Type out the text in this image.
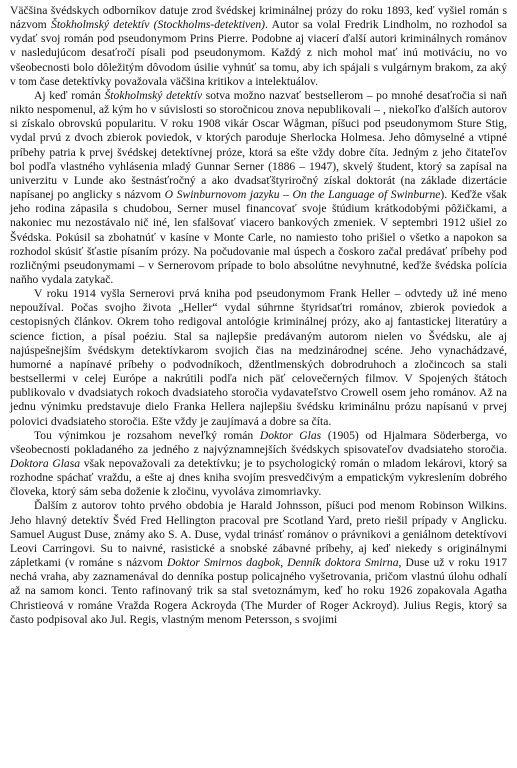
Väčšina švédskych odborníkov datuje zrod švédskej kriminálnej prózy do roku 1893, keď vyšiel román s názvom Štokholmský detektív (Stockholms-detektiven). Autor sa volal Fredrik Lindholm, no rozhodol sa vydať svoj román pod pseudonymom Prins Pierre. Podobne aj viacerí ďalší autori kriminálnych románov v nasledujúcom desaťročí písali pod pseudonymom. Každý z nich mohol mať inú motiváciu, no vo všeobecnosti bolo dôležitým dôvodom úsilie vyhnúť sa tomu, aby ich spájali s vulgárnym brakom, za aký v tom čase detektívky považovala väčšina kritikov a intelektuálov.

Aj keď román Štokholmský detektív sotva možno nazvať bestsellerom – po mnohé desaťročia si naň nikto nespomenul, až kým ho v súvislosti so storočnicou znova nepublikovali – , niekoľko ďalších autorov si získalo obrovskú popularitu. V roku 1908 vikár Oscar Wågman, píšuci pod pseudonymom Sture Stig, vydal prvú z dvoch zbierok poviedok, v ktorých paroduje Sherlocka Holmesa. Jeho dômyselné a vtipné príbehy patria k prvej švédskej detektívnej próze, ktorá sa ešte vždy dobre číta. Jedným z jeho čitateľov bol podľa vlastného vyhlásenia mladý Gunnar Serner (1886 – 1947), skvelý študent, ktorý sa zapísal na univerzitu v Lunde ako šestnásťročný a ako dvadsaťštyriročný získal doktorát (na základe dizertácie napísanej po anglicky s názvom O Swinburnovom jazyku – On the Language of Swinburne). Keďže však jeho rodina zápasila s chudobou, Serner musel financovať svoje štúdium krátkodobými pôžičkami, a nakoniec mu nezostávalo nič iné, len sfalšovať viacero bankových zmeniek. V septembri 1912 ušiel zo Švédska. Pokúsil sa zbohatnúť v kasíne v Monte Carle, no namiesto toho prišiel o všetko a napokon sa rozhodol skúsiť šťastie písaním prózy. Na počudovanie mal úspech a čoskoro začal predávať príbehy pod rozličnými pseudonymami – v Sernerovom prípade to bolo absolútne nevyhnutné, keďže švédska polícia naňho vydala zatykač.

V roku 1914 vyšla Sernerovi prvá kniha pod pseudonymom Frank Heller – odvtedy už iné meno nepoužíval. Počas svojho života „Heller“ vydal súhrnne štyridsaťtri románov, zbierok poviedok a cestopisných článkov. Okrem toho redigoval antológie kriminálnej prózy, ako aj fantastickej literatúry a science fiction, a písal poéziu. Stal sa najlepšie predávaným autorom nielen vo Švédsku, ale aj najúspešnejším švédskym detektívkarom svojich čias na medzinárodnej scéne. Jeho vynachádzavé, humorné a napínavé príbehy o podvodníkoch, džentlmenských dobrodruhoch a zločincoch sa stali bestsellermi v celej Európe a nakrútili podľa nich päť celovečerných filmov. V Spojených štátoch publikovalo v dvadsiatych rokoch dvadsiateho storočia vydavateľstvo Crowell osem jeho románov. Až na jednu výnimku predstavuje dielo Franka Hellera najlepšiu švédsku kriminálnu prózu napísanú v prvej polovici dvadsiateho storočia. Ešte vždy je zaujímavá a dobre sa číta.

Tou výnimkou je rozsahom neveľký román Doktor Glas (1905) od Hjalmara Söderberga, vo všeobecnosti pokladaného za jedného z najvýznamnejších švédskych spisovateľov dvadsiateho storočia. Doktora Glasa však nepovažovali za detektívku; je to psychologický román o mladom lekárovi, ktorý sa rozhodne spáchať vraždu, a ešte aj dnes kniha svojím presvedčivým a empatickým vykreslením dobrého človeka, ktorý sám seba doženie k zločinu, vyvoláva zimomriavky.

Ďalším z autorov tohto prvého obdobia je Harald Johnsson, píšuci pod menom Robinson Wilkins. Jeho hlavný detektív Švéd Fred Hellington pracoval pre Scotland Yard, preto riešil prípady v Anglicku. Samuel August Duse, známy ako S. A. Duse, vydal trinásť románov o právnikovi a geniálnom detektívovi Leovi Carringovi. Su to naivné, rasistické a snobské zábavné príbehy, aj keď niekedy s originálnymi zápletkami (v románe s názvom Doktor Smirnos dagbok, Denník doktora Smirna, Duse už v roku 1917 nechá vraha, aby zaznamenával do denníka postup policajného vyšetrovania, pričom vlastnú úlohu odhalí až na samom konci. Tento rafinovaný trik sa stal svetoznámym, keď ho roku 1926 zopakovala Agatha Christieová v románe Vražda Rogera Ackroyda (The Murder of Roger Ackroyd). Julius Regis, ktorý sa často podpisoval ako Jul. Regis, vlastným menom Petersson, s svojimi
